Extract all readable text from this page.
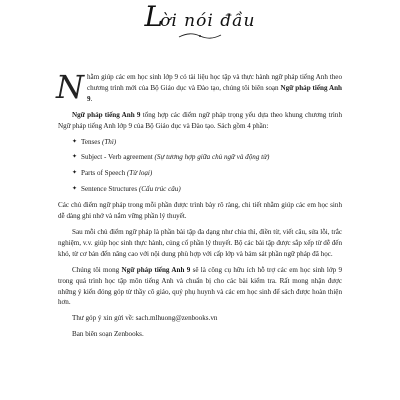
Lời nói đầu

Nhằm giúp các em học sinh lớp 9 có tài liệu học tập và thực hành ngữ pháp tiếng Anh theo chương trình mới của Bộ Giáo dục và Đào tạo, chúng tôi biên soạn Ngữ pháp tiếng Anh 9.

Ngữ pháp tiếng Anh 9 tổng hợp các điểm ngữ pháp trọng yếu dựa theo khung chương trình Ngữ pháp tiếng Anh lớp 9 của Bộ Giáo dục và Đào tạo. Sách gồm 4 phần:

✦ Tenses (Thì)
✦ Subject - Verb agreement (Sự tương hợp giữa chủ ngữ và động từ)
✦ Parts of Speech (Từ loại)
✦ Sentence Structures (Cấu trúc câu)

Các chủ điểm ngữ pháp trong mỗi phần được trình bày rõ ràng, chi tiết nhằm giúp các em học sinh dễ dàng ghi nhớ và nắm vững phần lý thuyết.

Sau mỗi chủ điểm ngữ pháp là phần bài tập đa dạng như chia thì, điền từ, viết câu, sửa lỗi, trắc nghiệm, v.v. giúp học sinh thực hành, củng cố phần lý thuyết. Bộ các bài tập được sắp xếp từ dễ đến khó, từ cơ bản đến nâng cao với nội dung phù hợp với cấp lớp và bám sát phần ngữ pháp đã học.

Chúng tôi mong Ngữ pháp tiếng Anh 9 sẽ là công cụ hữu ích hỗ trợ các em học sinh lớp 9 trong quá trình học tập môn tiếng Anh và chuẩn bị cho các bài kiểm tra. Rất mong nhận được những ý kiến đóng góp từ thầy cô giáo, quý phụ huynh và các em học sinh để sách được hoàn thiện hơn.

Thư góp ý xin gửi về: sach.mlhuong@zenbooks.vn

Ban biên soạn Zenbooks.
